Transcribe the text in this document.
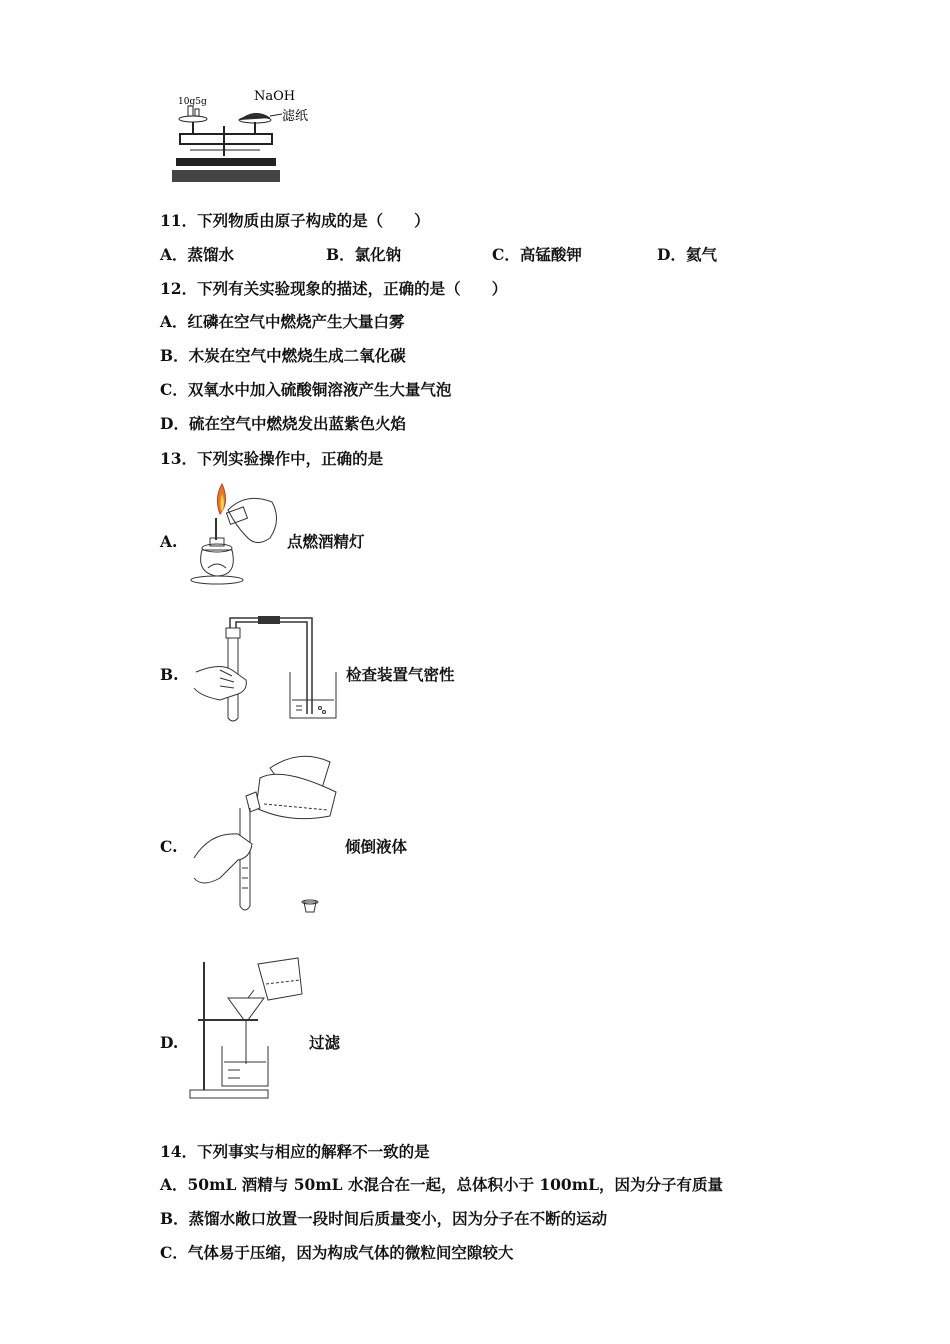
10g5g	NaOH
滤纸
11．下列物质由原子构成的是（　　）
A．蒸馏水	B．氯化钠	C．高锰酸钾	D．氦气
12．下列有关实验现象的描述，正确的是（　　）
A．红磷在空气中燃烧产生大量白雾
B．木炭在空气中燃烧生成二氧化碳
C．双氧水中加入硫酸铜溶液产生大量气泡
D．硫在空气中燃烧发出蓝紫色火焰
13．下列实验操作中，正确的是
A.	点燃酒精灯
B.	检查装置气密性
C.	倾倒液体
D.	过滤
14．下列事实与相应的解释不一致的是
A．50mL 酒精与 50mL 水混合在一起，总体积小于 100mL，因为分子有质量
B．蒸馏水敞口放置一段时间后质量变小，因为分子在不断的运动
C．气体易于压缩，因为构成气体的微粒间空隙较大
